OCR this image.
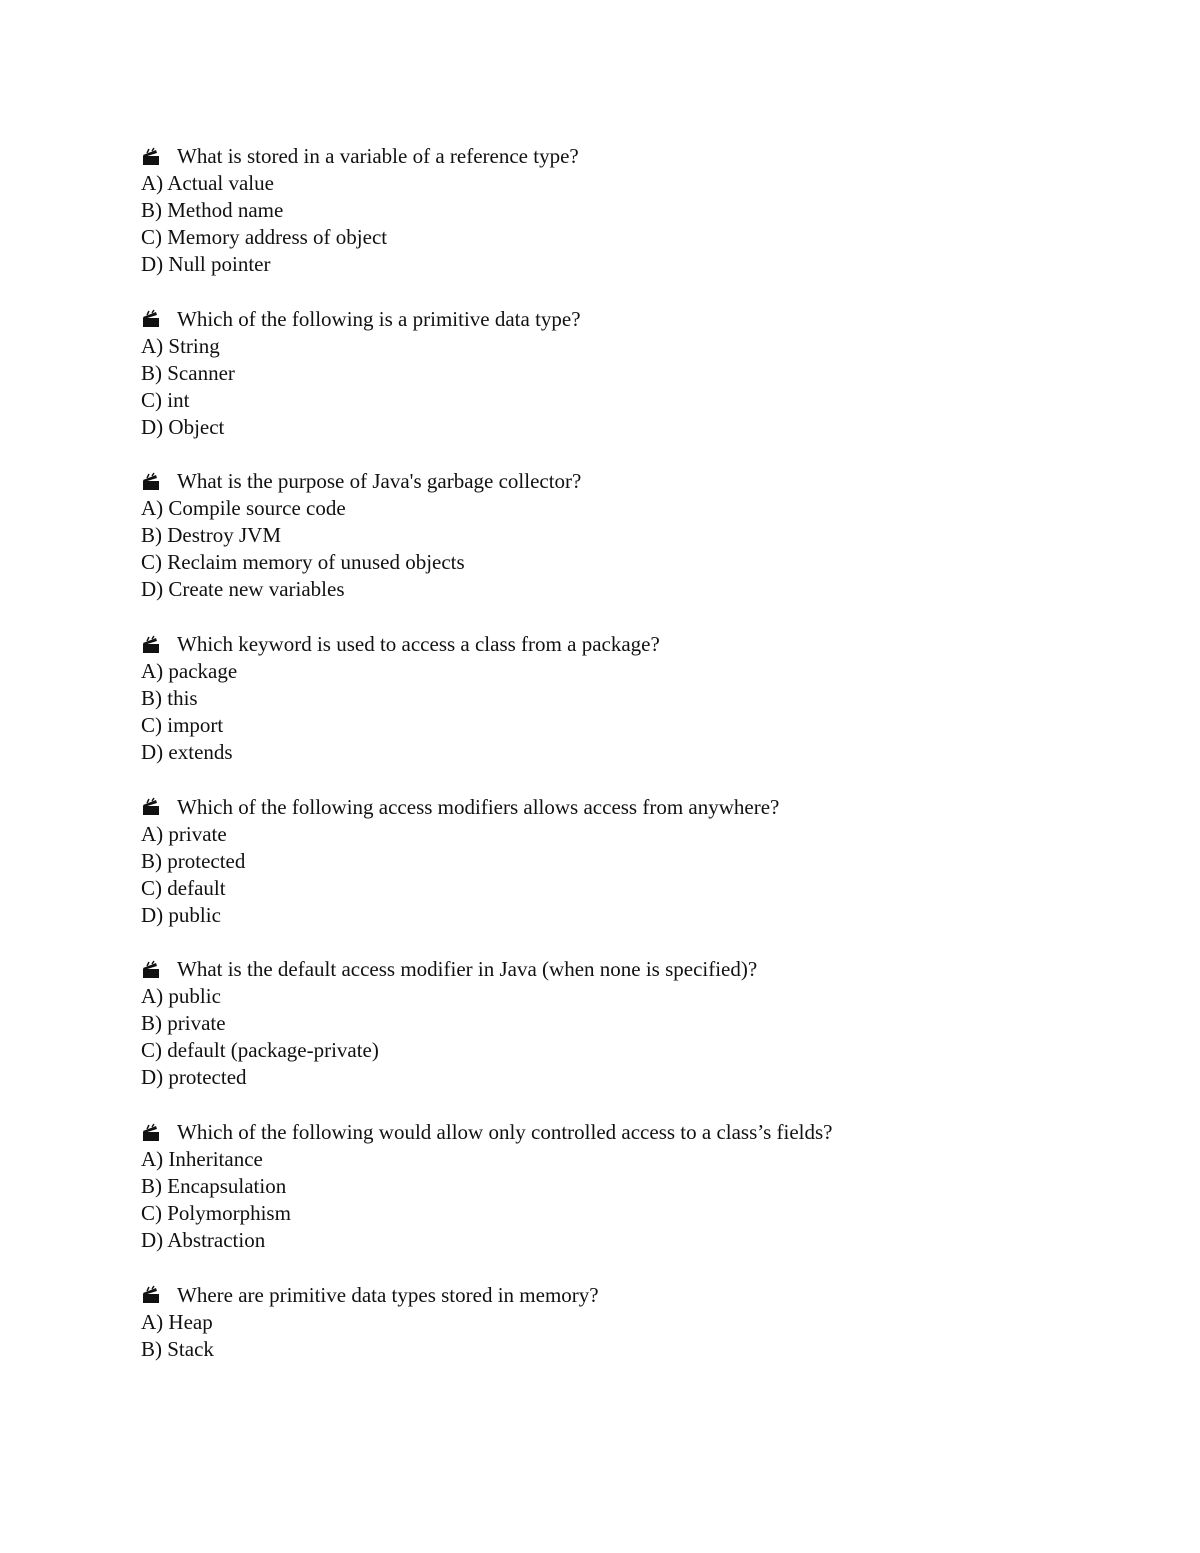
What is stored in a variable of a reference type?
A) Actual value
B) Method name
C) Memory address of object
D) Null pointer
Which of the following is a primitive data type?
A) String
B) Scanner
C) int
D) Object
What is the purpose of Java's garbage collector?
A) Compile source code
B) Destroy JVM
C) Reclaim memory of unused objects
D) Create new variables
Which keyword is used to access a class from a package?
A) package
B) this
C) import
D) extends
Which of the following access modifiers allows access from anywhere?
A) private
B) protected
C) default
D) public
What is the default access modifier in Java (when none is specified)?
A) public
B) private
C) default (package-private)
D) protected
Which of the following would allow only controlled access to a class’s fields?
A) Inheritance
B) Encapsulation
C) Polymorphism
D) Abstraction
Where are primitive data types stored in memory?
A) Heap
B) Stack
